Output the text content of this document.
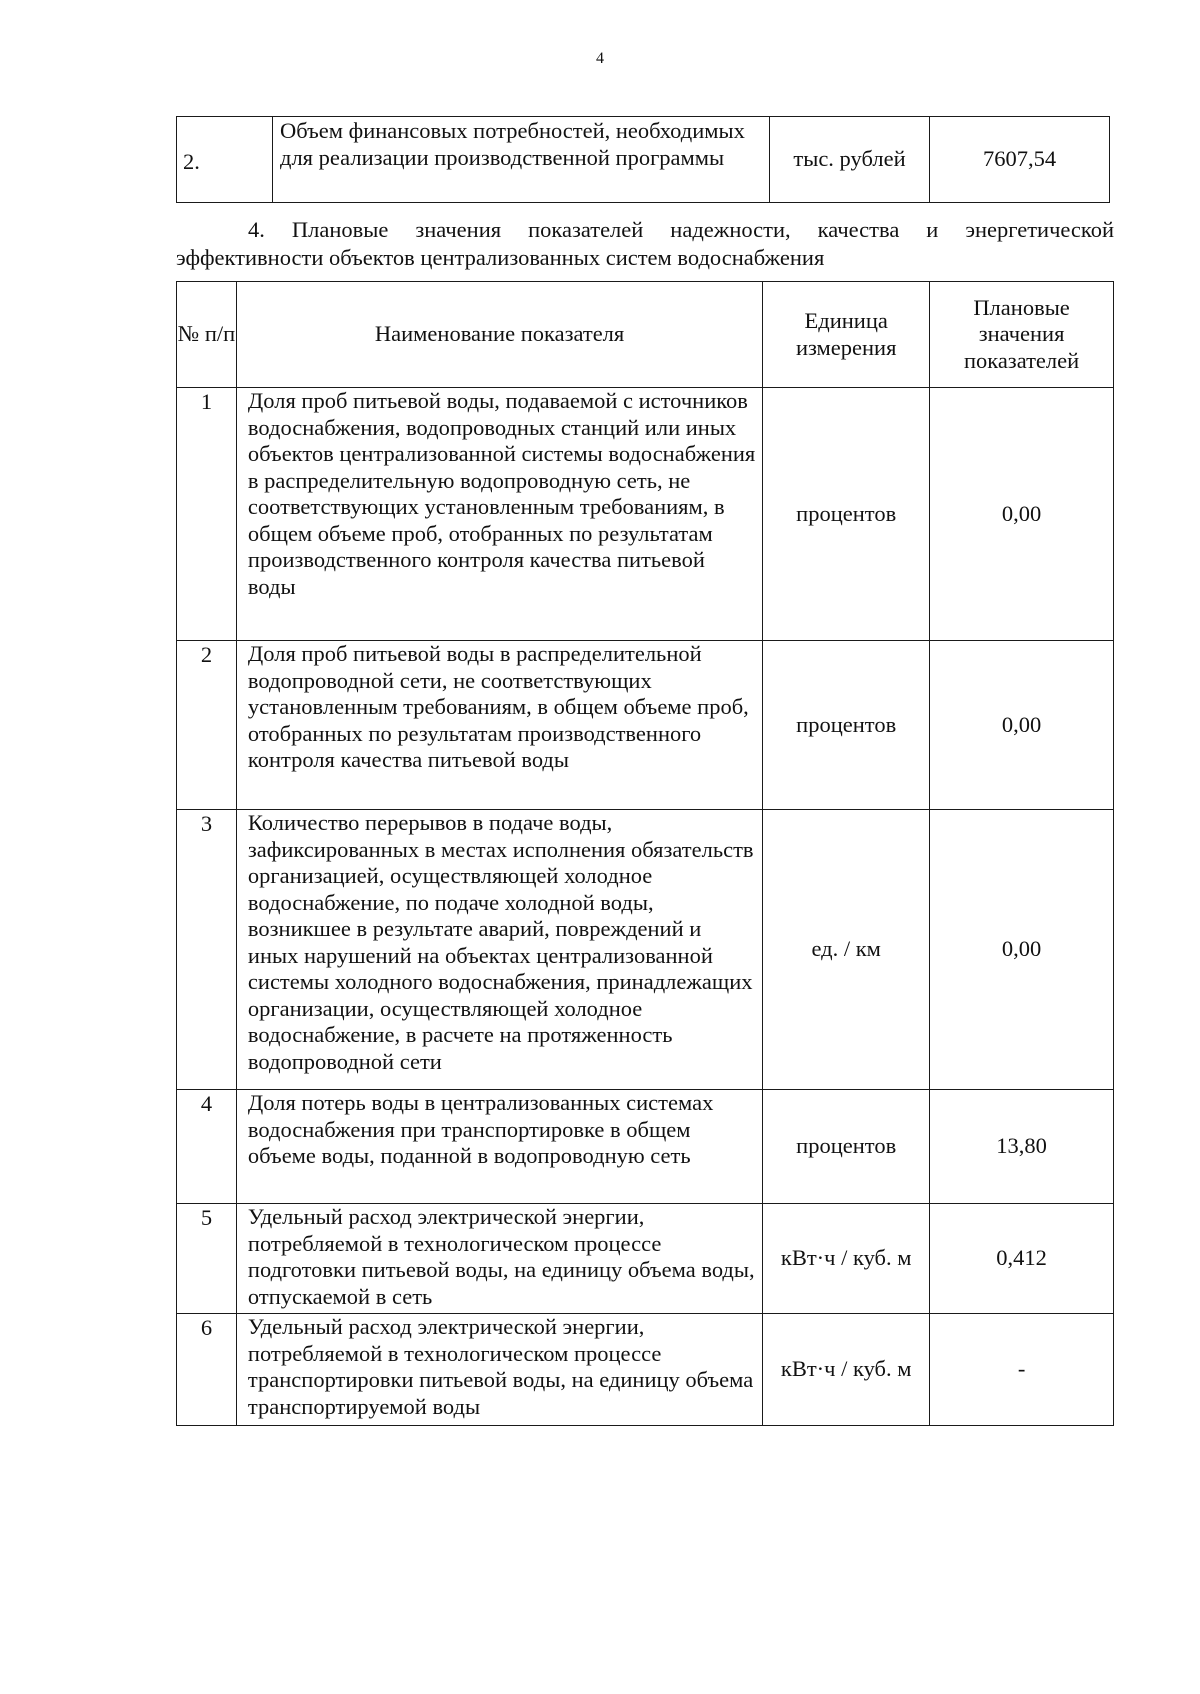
4
2.	Объем финансовых потребностей, необходимых для реализации производственной программы	тыс. рублей	7607,54
4. Плановые значения показателей надежности, качества и энергетической эффективности объектов централизованных систем водоснабжения
№ п/п	Наименование показателя	Единица измерения	Плановые значения показателей
1	Доля проб питьевой воды, подаваемой с источников водоснабжения, водопроводных станций или иных объектов централизованной системы водоснабжения в распределительную водопроводную сеть, не соответствующих установленным требованиям, в общем объеме проб, отобранных по результатам производственного контроля качества питьевой воды	процентов	0,00
2	Доля проб питьевой воды в распределительной водопроводной сети, не соответствующих установленным требованиям, в общем объеме проб, отобранных по результатам производственного контроля качества питьевой воды	процентов	0,00
3	Количество перерывов в подаче воды, зафиксированных в местах исполнения обязательств организацией, осуществляющей холодное водоснабжение, по подаче холодной воды, возникшее в результате аварий, повреждений и иных нарушений на объектах централизованной системы холодного водоснабжения, принадлежащих организации, осуществляющей холодное водоснабжение, в расчете на протяженность водопроводной сети	ед. / км	0,00
4	Доля потерь воды в централизованных системах водоснабжения при транспортировке в общем объеме воды, поданной в водопроводную сеть	процентов	13,80
5	Удельный расход электрической энергии, потребляемой в технологическом процессе подготовки питьевой воды, на единицу объема воды, отпускаемой в сеть	кВт·ч / куб. м	0,412
6	Удельный расход электрической энергии, потребляемой в технологическом процессе транспортировки питьевой воды, на единицу объема транспортируемой воды	кВт·ч / куб. м	-
